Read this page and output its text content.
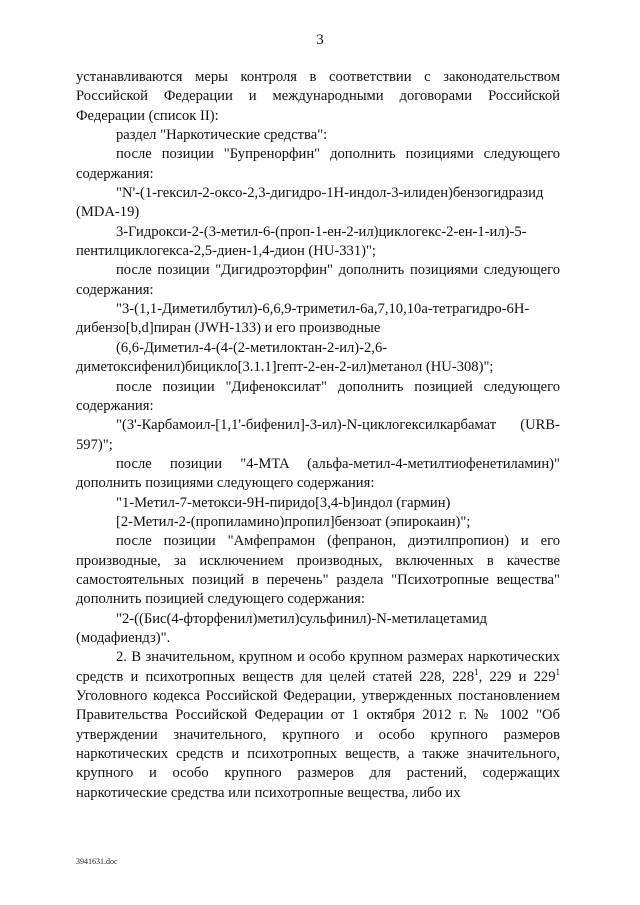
3

устанавливаются меры контроля в соответствии с законодательством Российской Федерации и международными договорами Российской Федерации (список II):

раздел "Наркотические средства":

после позиции "Бупренорфин" дополнить позициями следующего содержания:

"N'-(1-гексил-2-оксо-2,3-дигидро-1H-индол-3-илиден)бензогидразид (MDA-19)

3-Гидрокси-2-(3-метил-6-(проп-1-ен-2-ил)циклогекс-2-ен-1-ил)-5-пентилциклогекса-2,5-диен-1,4-дион (HU-331)";

после позиции "Дигидроэторфин" дополнить позициями следующего содержания:

"3-(1,1-Диметилбутил)-6,6,9-триметил-6а,7,10,10а-тетрагидро-6H-дибензо[b,d]пиран (JWH-133) и его производные

(6,6-Диметил-4-(4-(2-метилоктан-2-ил)-2,6-диметоксифенил)бицикло[3.1.1]гепт-2-ен-2-ил)метанол (HU-308)";

после позиции "Дифеноксилат" дополнить позицией следующего содержания:

"(3'-Карбамоил-[1,1'-бифенил]-3-ил)-N-циклогексилкарбамат (URB-597)";

после позиции "4-MTA (альфа-метил-4-метилтиофенетиламин)" дополнить позициями следующего содержания:

"1-Метил-7-метокси-9H-пиридо[3,4-b]индол (гармин)

[2-Метил-2-(пропиламино)пропил]бензоат (эпирокаин)";

после позиции "Амфепрамон (фепранон, диэтилпропион) и его производные, за исключением производных, включенных в качестве самостоятельных позиций в перечень" раздела "Психотропные вещества" дополнить позицией следующего содержания:

"2-((Бис(4-фторфенил)метил)сульфинил)-N-метилацетамид (модафиендз)".

2. В значительном, крупном и особо крупном размерах наркотических средств и психотропных веществ для целей статей 228, $228^1$, 229 и $229^1$ Уголовного кодекса Российской Федерации, утвержденных постановлением Правительства Российской Федерации от 1 октября 2012 г. № 1002 "Об утверждении значительного, крупного и особо крупного размеров наркотических средств и психотропных веществ, а также значительного, крупного и особо крупного размеров для растений, содержащих наркотические средства или психотропные вещества, либо их

3941631.doc
